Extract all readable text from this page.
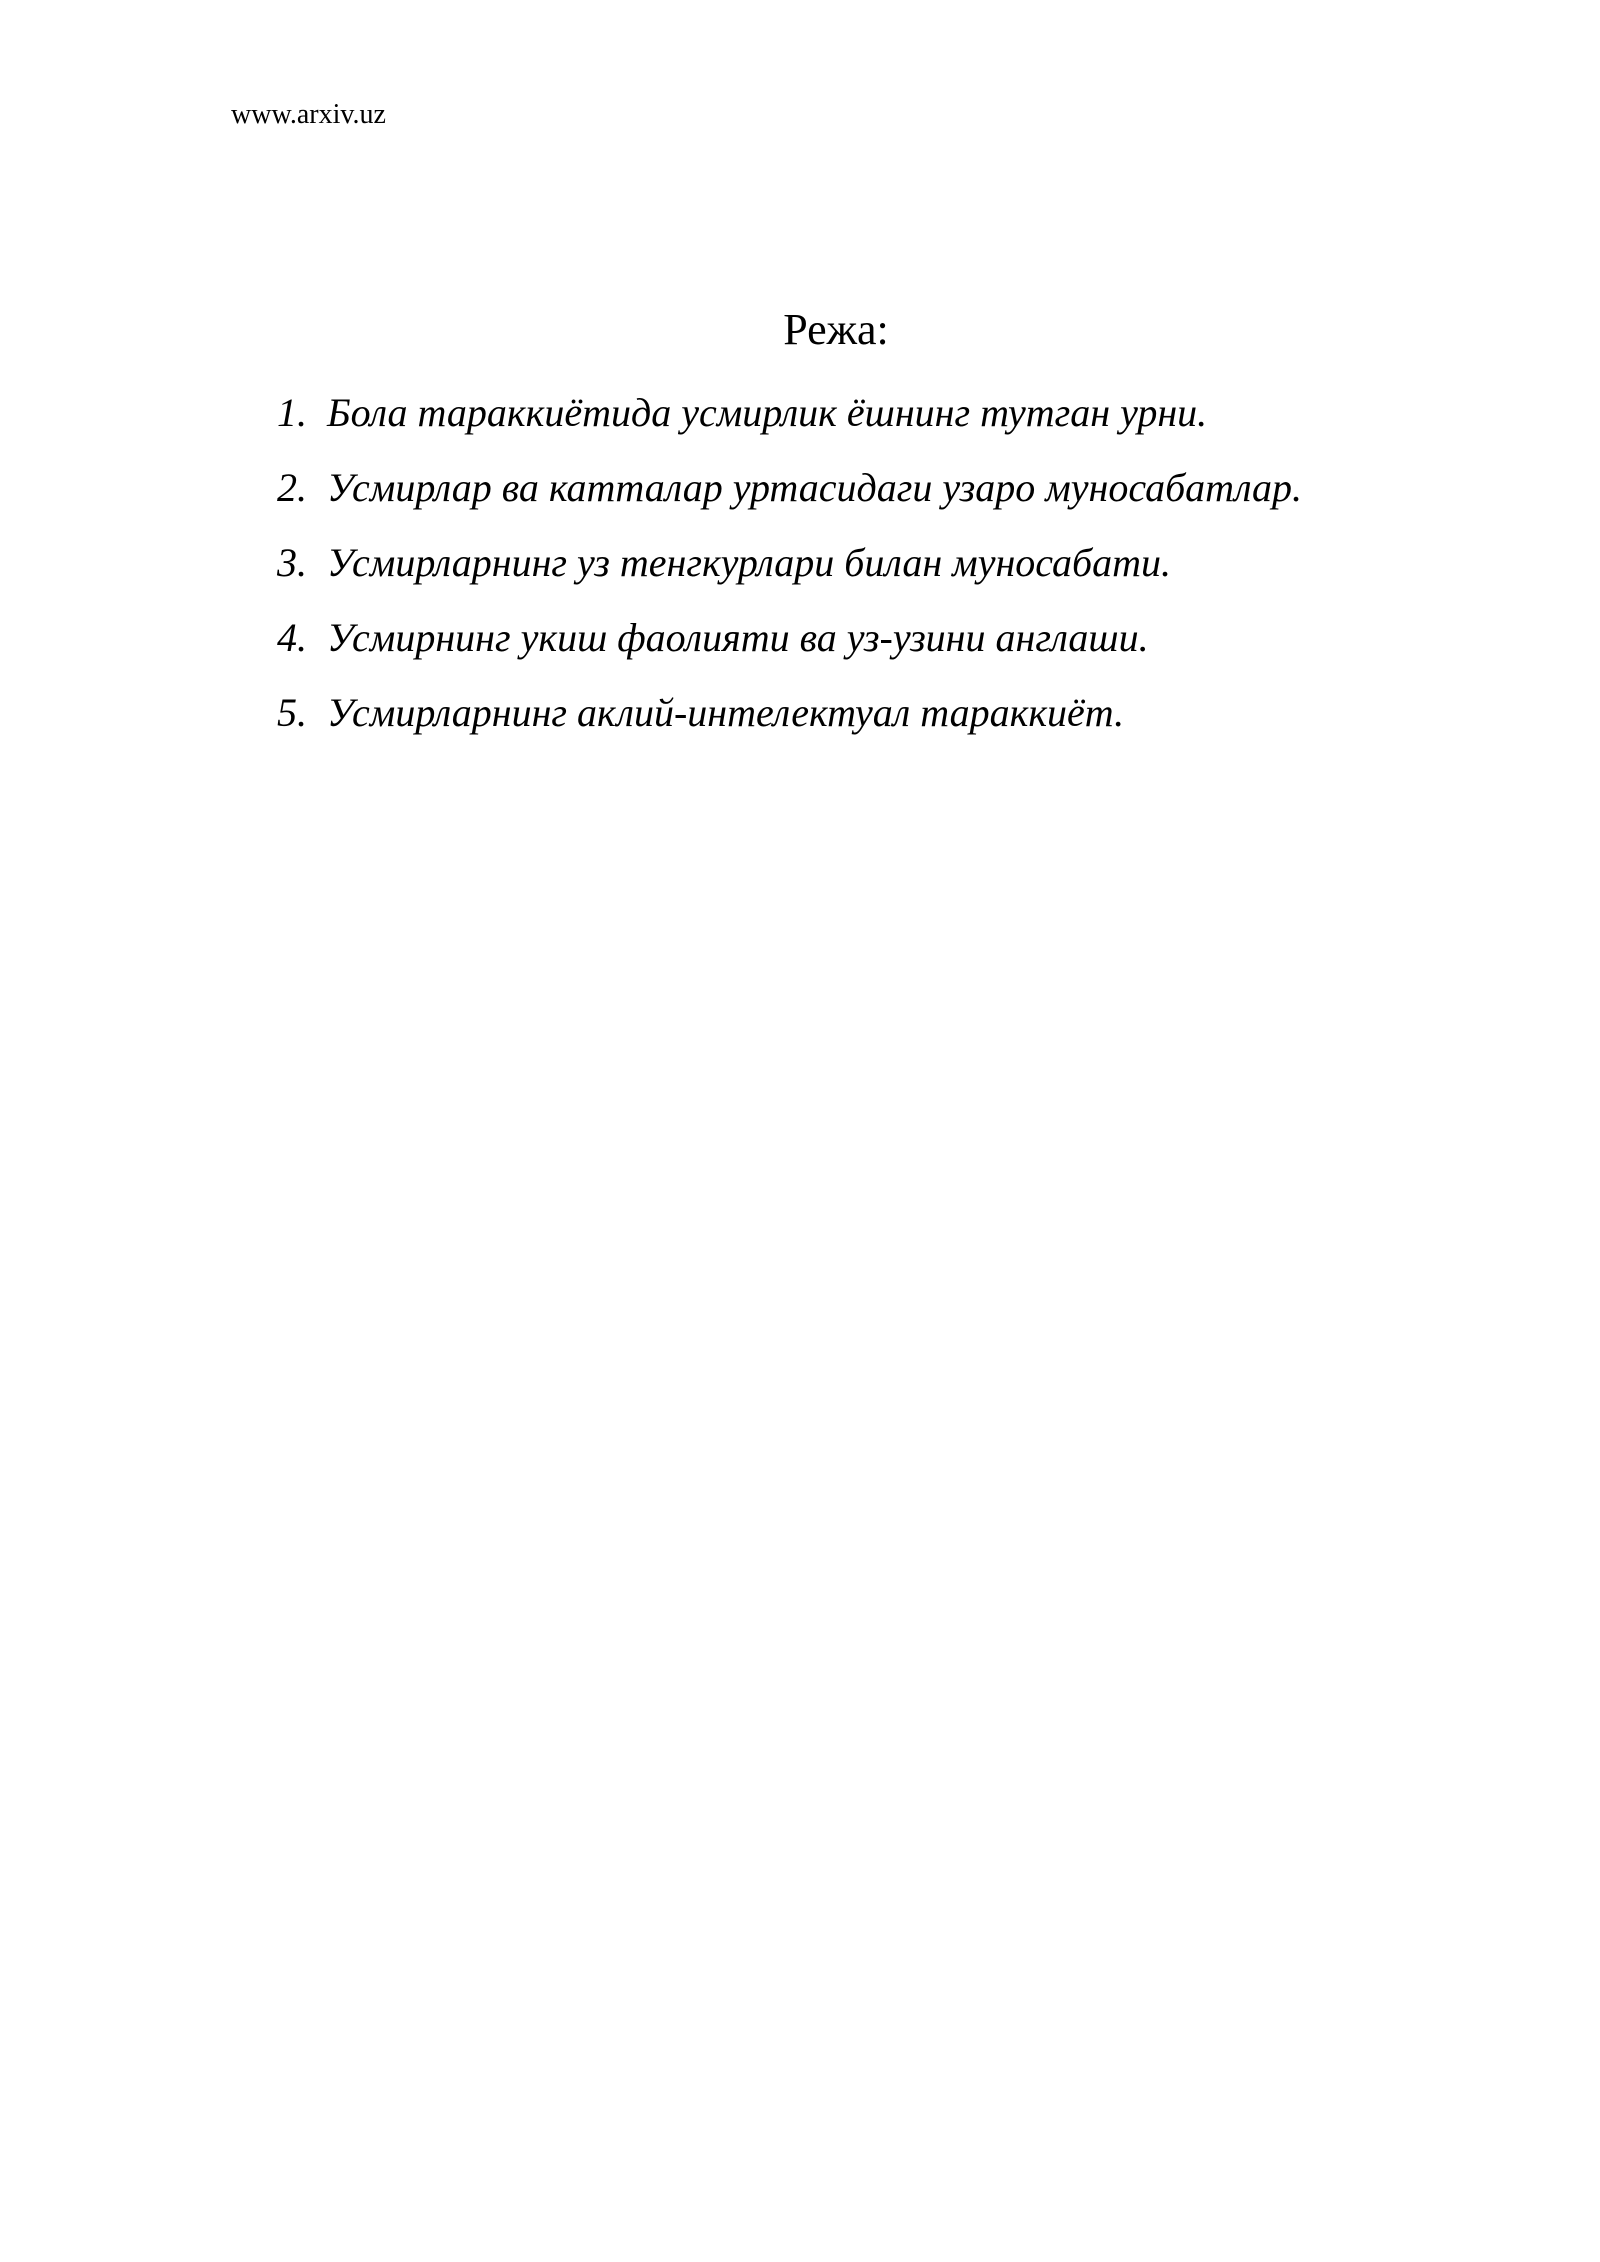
www.arxiv.uz
Режа:
1. Бола тараккиётида усмирлик ёшнинг тутган урни.
2. Усмирлар ва катталар уртасидаги узаро муносабатлар.
3. Усмирларнинг уз тенгкурлари билан муносабати.
4. Усмирнинг укиш фаолияти ва уз-узини англаши.
5. Усмирларнинг аклий-интелектуал тараккиёт.
